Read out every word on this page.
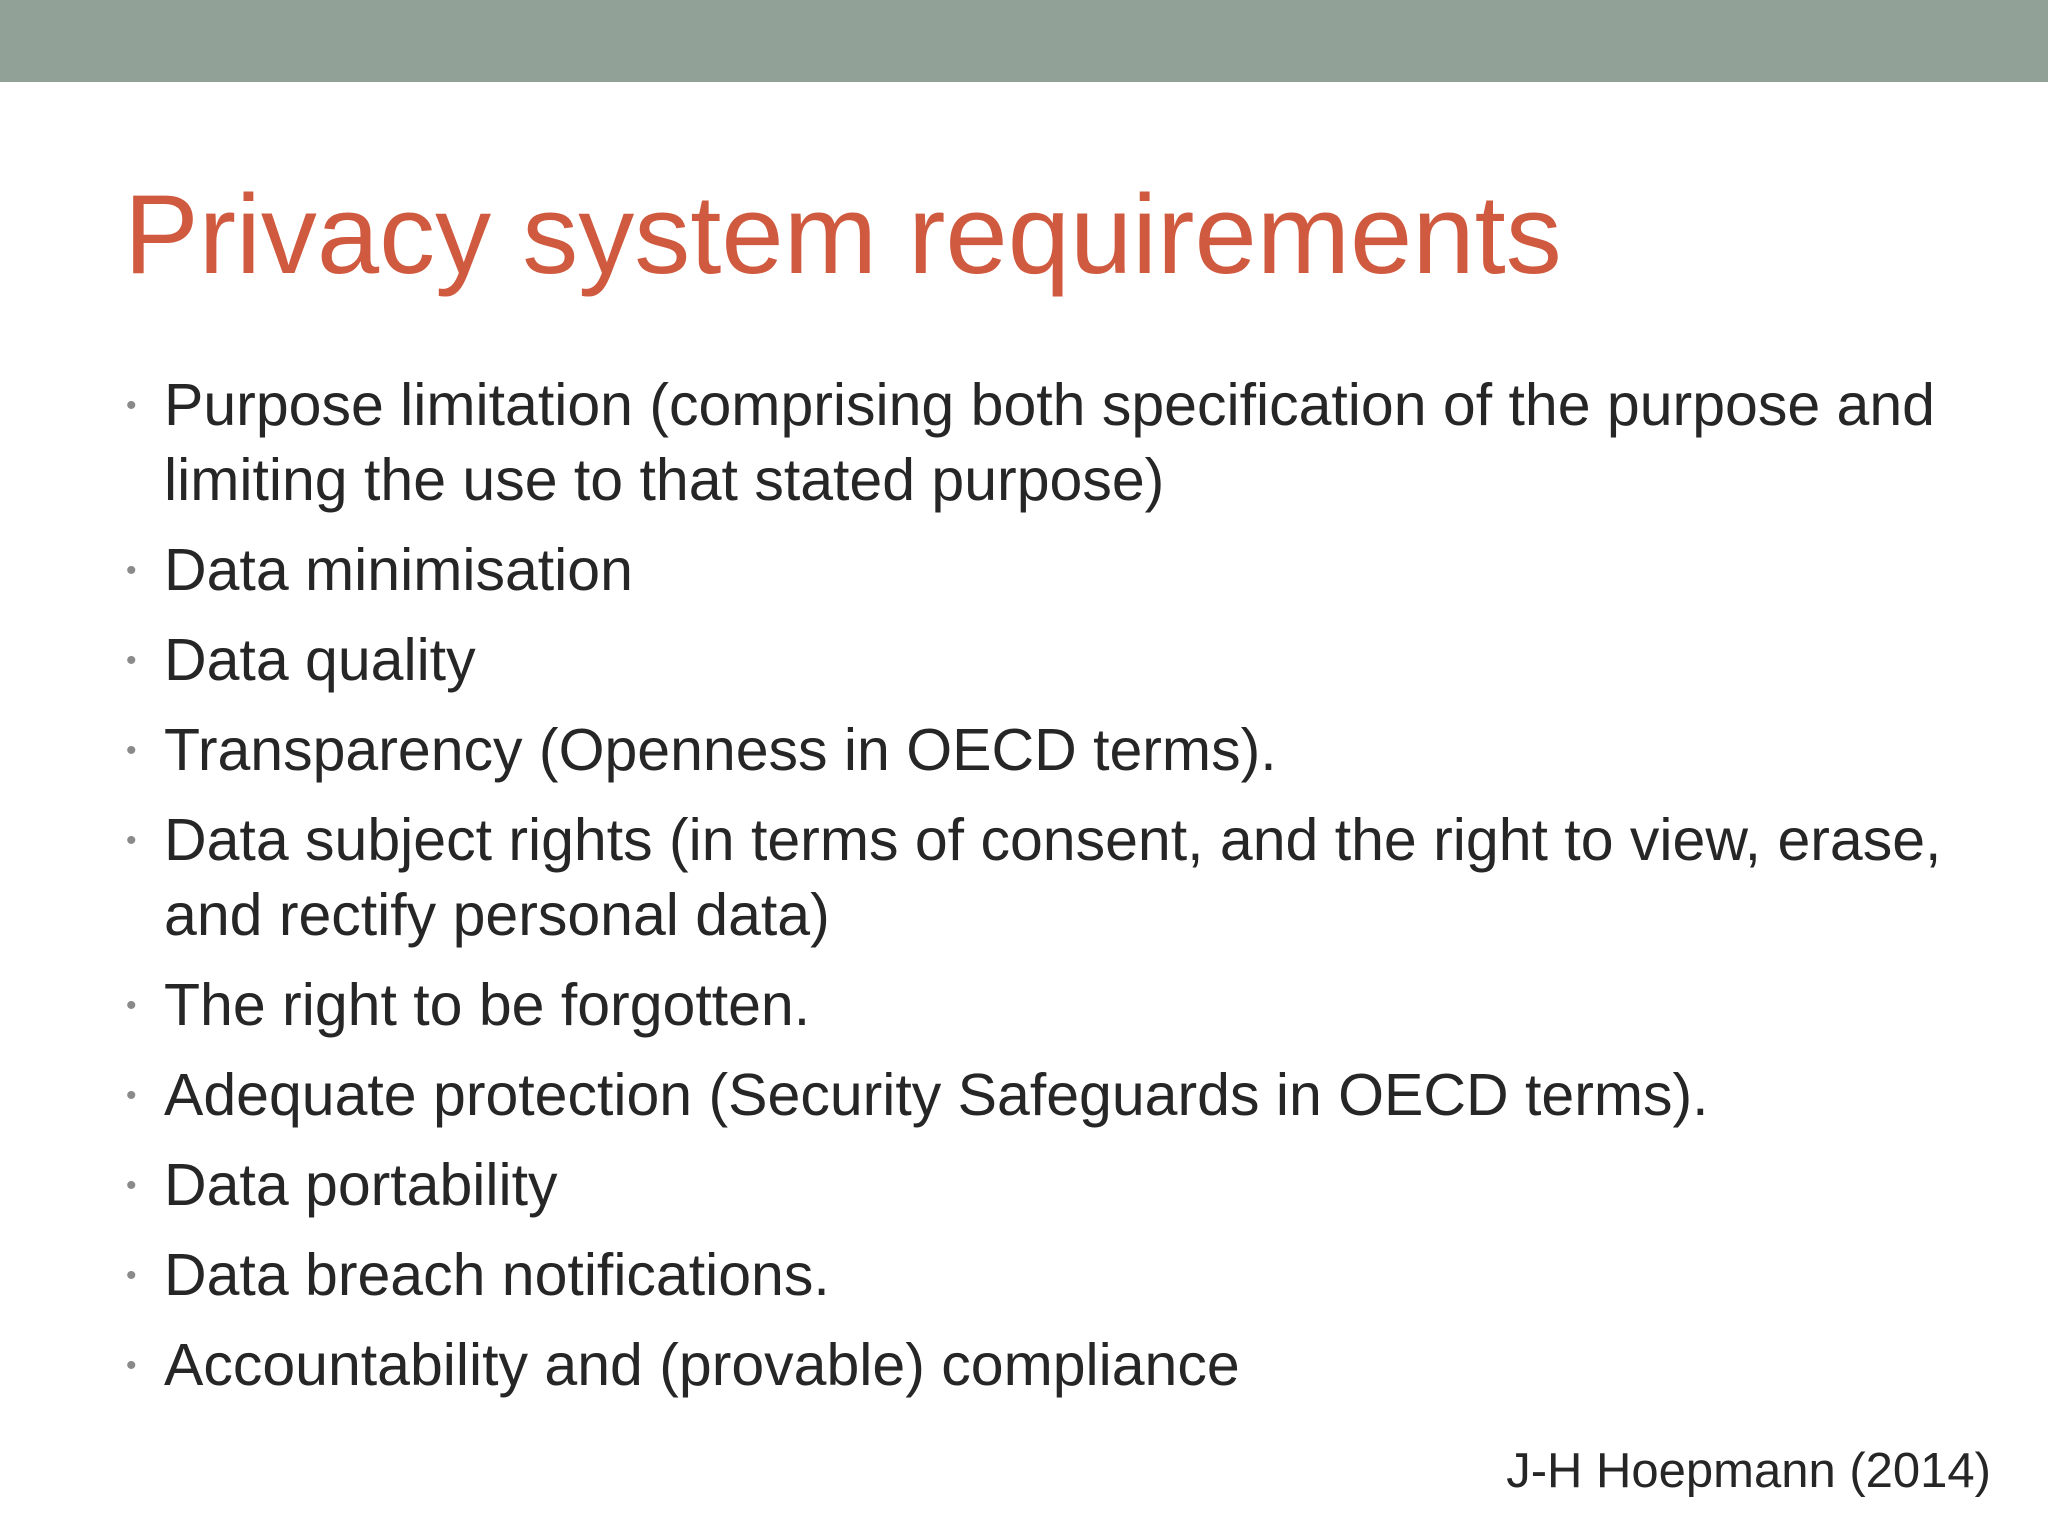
Privacy system requirements
• Purpose limitation (comprising both specification of the purpose and limiting the use to that stated purpose)
• Data minimisation
• Data quality
• Transparency (Openness in OECD terms).
• Data subject rights (in terms of consent, and the right to view, erase, and rectify personal data)
• The right to be forgotten.
• Adequate protection (Security Safeguards in OECD terms).
• Data portability
• Data breach notifications.
• Accountability and (provable) compliance
J-H Hoepmann (2014)
